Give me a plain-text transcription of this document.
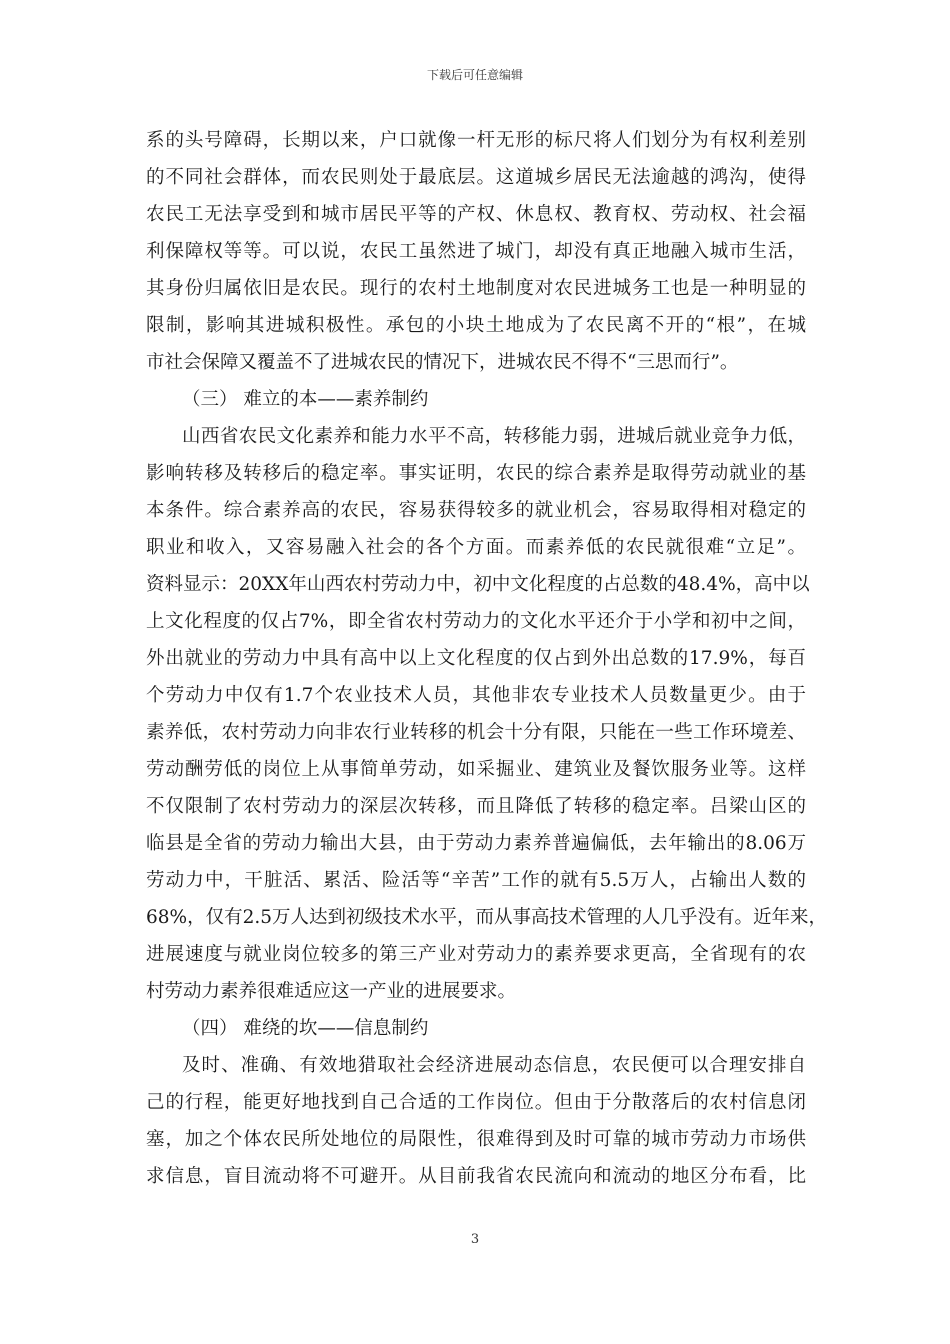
下载后可任意编辑
系的头号障碍，长期以来，户口就像一杆无形的标尺将人们划分为有权利差别
的不同社会群体，而农民则处于最底层。这道城乡居民无法逾越的鸿沟，使得
农民工无法享受到和城市居民平等的产权、休息权、教育权、劳动权、社会福
利保障权等等。可以说，农民工虽然进了城门，却没有真正地融入城市生活，
其身份归属依旧是农民。现行的农村土地制度对农民进城务工也是一种明显的
限制，影响其进城积极性。承包的小块土地成为了农民离不开的“根”，在城
市社会保障又覆盖不了进城农民的情况下，进城农民不得不“三思而行”。
（三） 难立的本——素养制约
山西省农民文化素养和能力水平不高，转移能力弱，进城后就业竞争力低，
影响转移及转移后的稳定率。事实证明，农民的综合素养是取得劳动就业的基
本条件。综合素养高的农民，容易获得较多的就业机会，容易取得相对稳定的
职业和收入，又容易融入社会的各个方面。而素养低的农民就很难“立足”。
资料显示：20XX年山西农村劳动力中，初中文化程度的占总数的48.4%，高中以
上文化程度的仅占7%，即全省农村劳动力的文化水平还介于小学和初中之间，
外出就业的劳动力中具有高中以上文化程度的仅占到外出总数的17.9%，每百
个劳动力中仅有1.7个农业技术人员，其他非农专业技术人员数量更少。由于
素养低，农村劳动力向非农行业转移的机会十分有限，只能在一些工作环境差、
劳动酬劳低的岗位上从事简单劳动，如采掘业、建筑业及餐饮服务业等。这样
不仅限制了农村劳动力的深层次转移，而且降低了转移的稳定率。吕梁山区的
临县是全省的劳动力输出大县，由于劳动力素养普遍偏低，去年输出的8.06万
劳动力中，干脏活、累活、险活等“辛苦”工作的就有5.5万人，占输出人数的
68%，仅有2.5万人达到初级技术水平，而从事高技术管理的人几乎没有。近年来，
进展速度与就业岗位较多的第三产业对劳动力的素养要求更高，全省现有的农
村劳动力素养很难适应这一产业的进展要求。
（四） 难绕的坎——信息制约
及时、准确、有效地猎取社会经济进展动态信息，农民便可以合理安排自
己的行程，能更好地找到自己合适的工作岗位。但由于分散落后的农村信息闭
塞，加之个体农民所处地位的局限性，很难得到及时可靠的城市劳动力市场供
求信息，盲目流动将不可避开。从目前我省农民流向和流动的地区分布看，比
3
